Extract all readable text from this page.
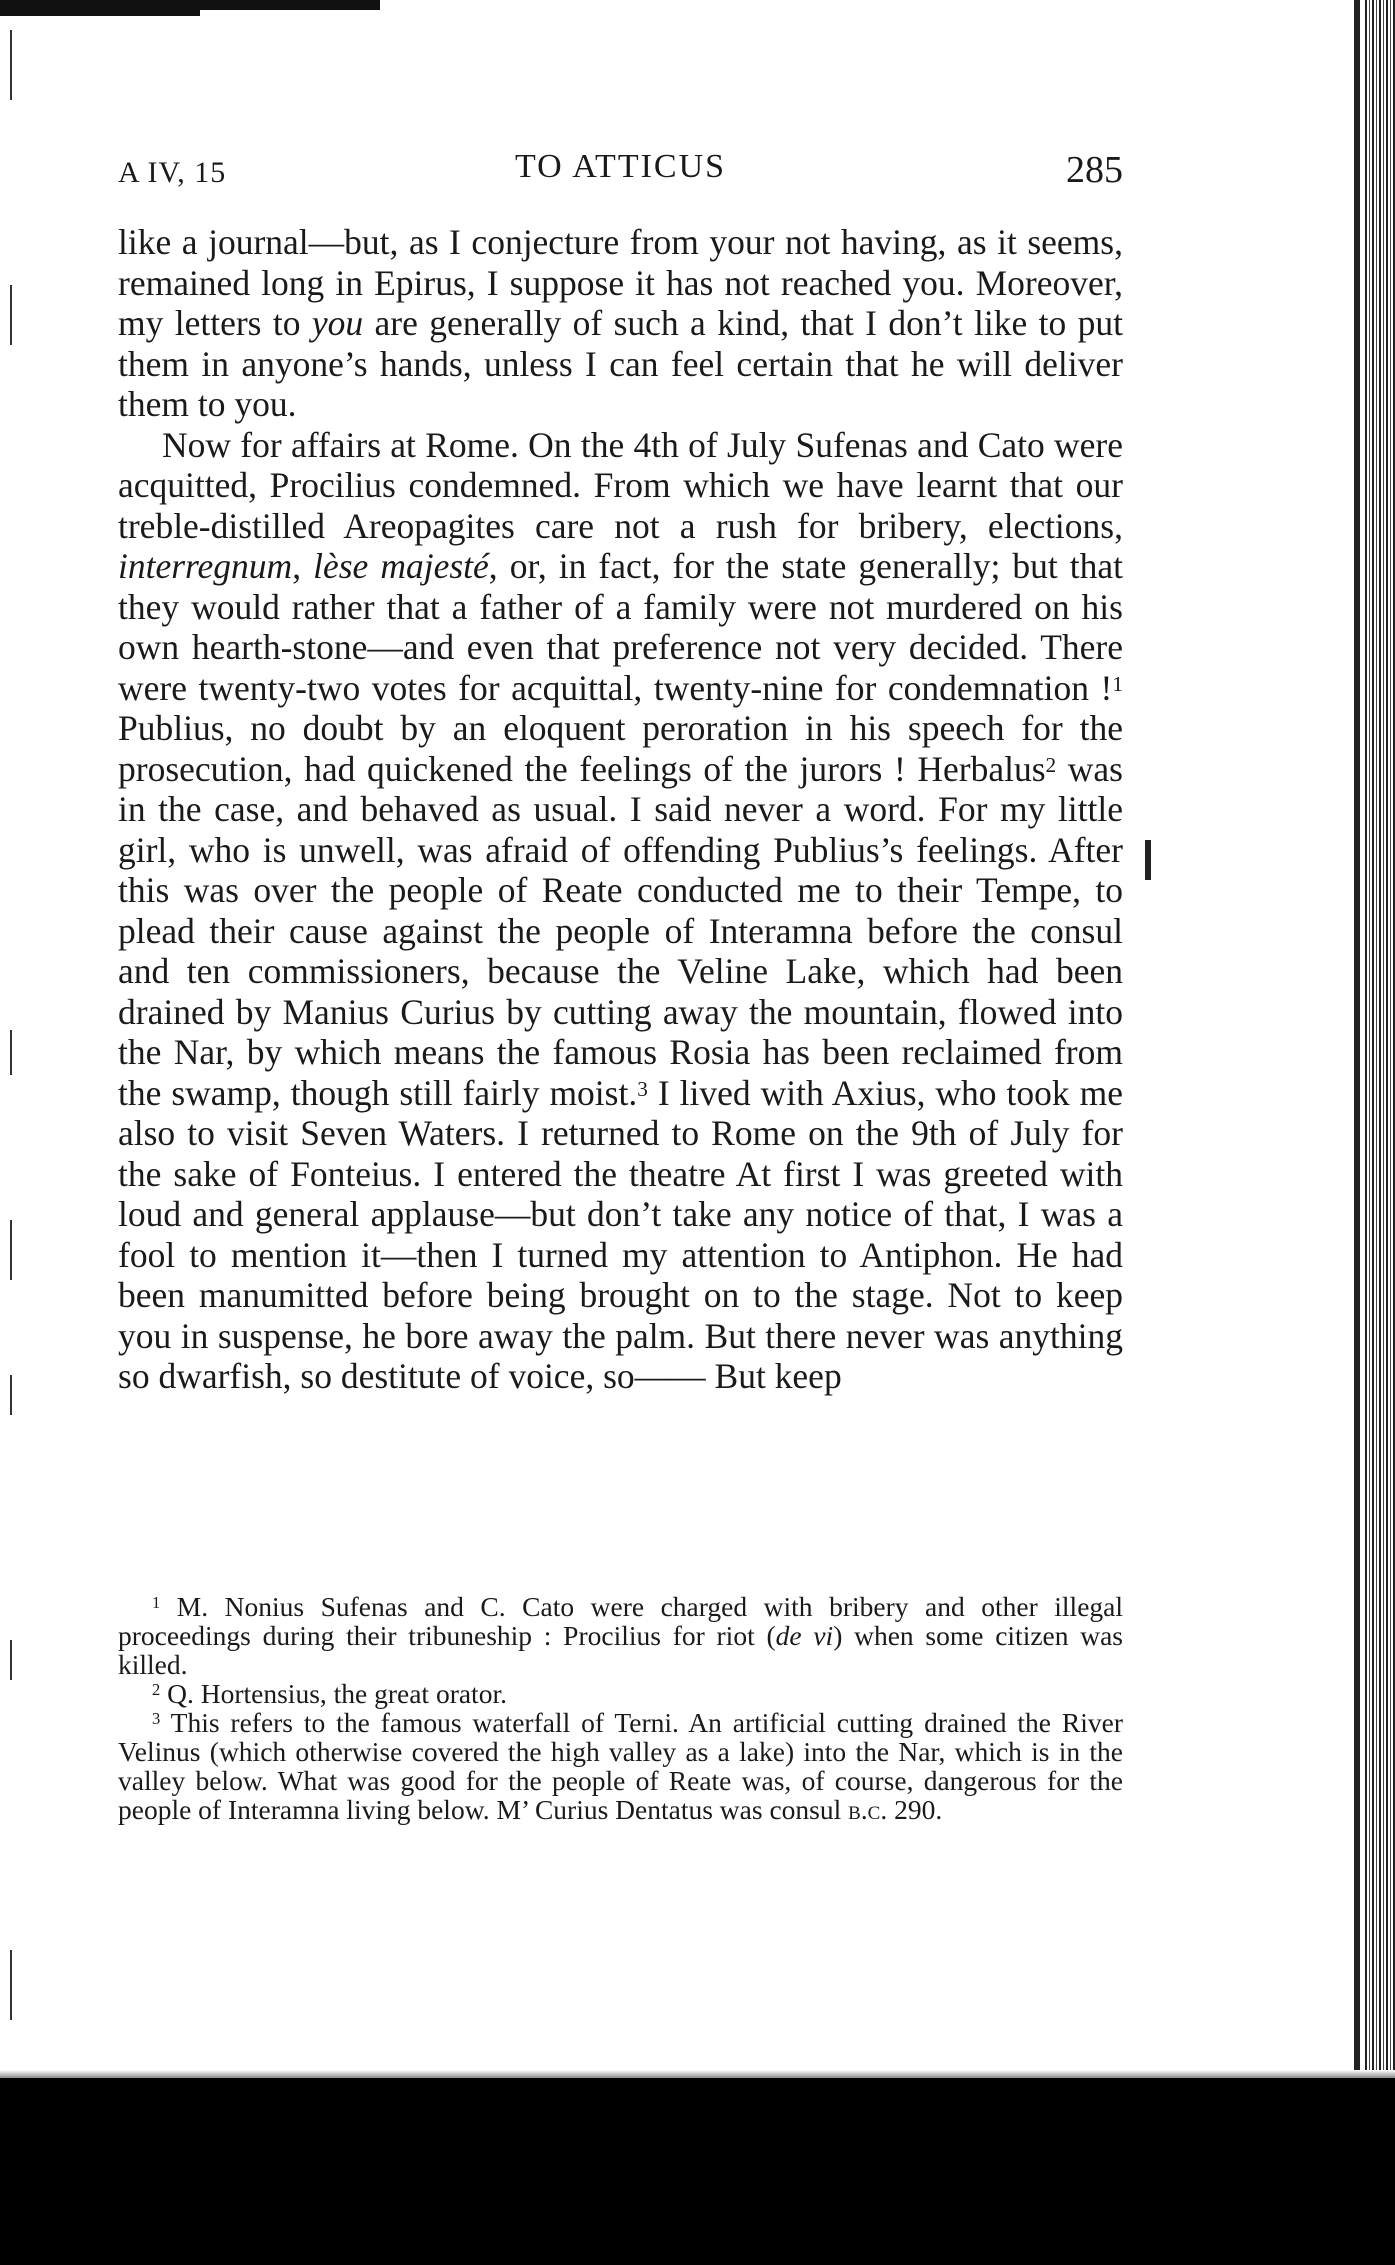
A IV, 15	TO ATTICUS	285

like a journal—but, as I conjecture from your not having, as it seems, remained long in Epirus, I suppose it has not reached you. Moreover, my letters to you are generally of such a kind, that I don’t like to put them in anyone’s hands, unless I can feel certain that he will deliver them to you.

Now for affairs at Rome. On the 4th of July Sufenas and Cato were acquitted, Procilius condemned. From which we have learnt that our treble-distilled Areopagites care not a rush for bribery, elections, interregnum, lèse majesté, or, in fact, for the state generally; but that they would rather that a father of a family were not murdered on his own hearth-stone—and even that preference not very decided. There were twenty-two votes for acquittal, twenty-nine for condemnation !$^1$ Publius, no doubt by an eloquent peroration in his speech for the prosecution, had quickened the feelings of the jurors ! Herbalus$^2$ was in the case, and behaved as usual. I said never a word. For my little girl, who is unwell, was afraid of offending Publius’s feelings. After this was over the people of Reate conducted me to their Tempe, to plead their cause against the people of Interamna before the consul and ten commissioners, because the Veline Lake, which had been drained by Manius Curius by cutting away the mountain, flowed into the Nar, by which means the famous Rosia has been reclaimed from the swamp, though still fairly moist.$^3$ I lived with Axius, who took me also to visit Seven Waters. I returned to Rome on the 9th of July for the sake of Fonteius. I entered the theatre At first I was greeted with loud and general applause—but don’t take any notice of that, I was a fool to mention it—then I turned my attention to Antiphon. He had been manumitted before being brought on to the stage. Not to keep you in suspense, he bore away the palm. But there never was anything so dwarfish, so destitute of voice, so—— But keep

$^1$ M. Nonius Sufenas and C. Cato were charged with bribery and other illegal proceedings during their tribuneship : Procilius for riot (de vi) when some citizen was killed.

$^2$ Q. Hortensius, the great orator.

$^3$ This refers to the famous waterfall of Terni. An artificial cutting drained the River Velinus (which otherwise covered the high valley as a lake) into the Nar, which is in the valley below. What was good for the people of Reate was, of course, dangerous for the people of Interamna living below. M’ Curius Dentatus was consul b.c. 290.
